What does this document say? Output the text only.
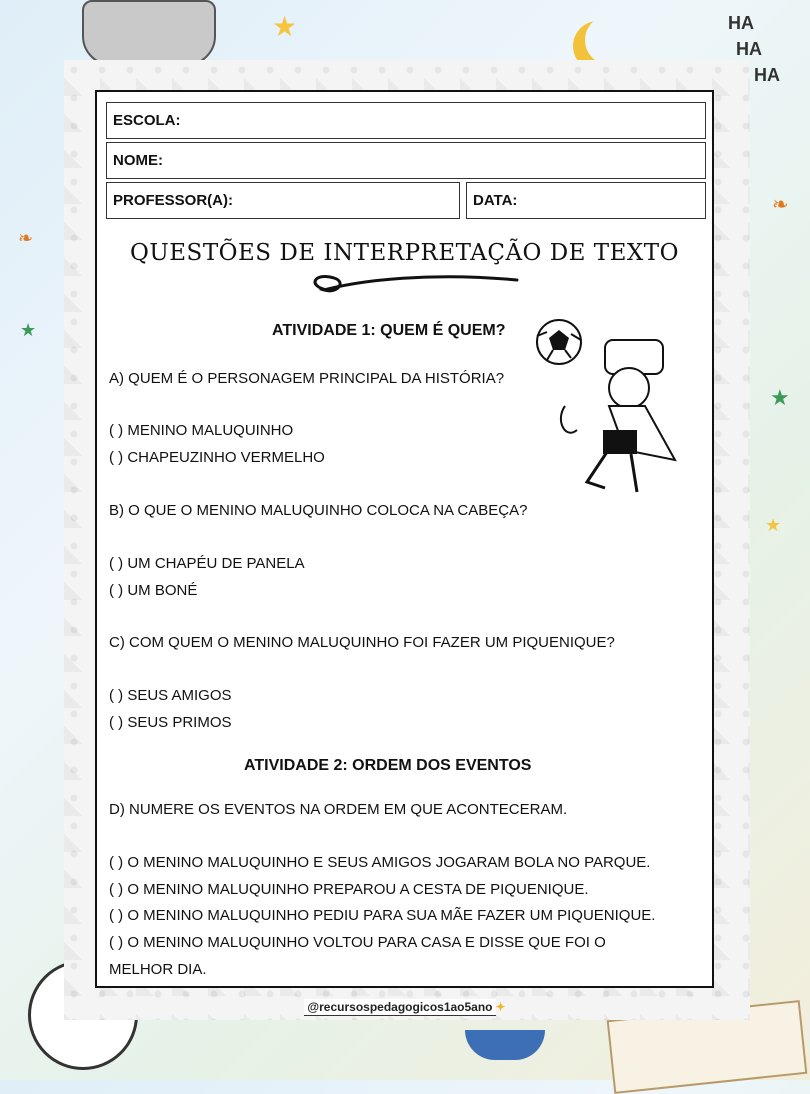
HA
HA
HA
★
★
★
★
❧
❧
ESCOLA:
NOME:
PROFESSOR(A):	DATA:
QUESTÕES DE INTERPRETAÇÃO DE TEXTO
ATIVIDADE 1: QUEM É QUEM?
A) QUEM É O PERSONAGEM PRINCIPAL DA HISTÓRIA?
( ) MENINO MALUQUINHO
( ) CHAPEUZINHO VERMELHO
B) O QUE O MENINO MALUQUINHO COLOCA NA CABEÇA?
( ) UM CHAPÉU DE PANELA
( ) UM BONÉ
C) COM QUEM O MENINO MALUQUINHO FOI FAZER UM PIQUENIQUE?
( ) SEUS AMIGOS
( ) SEUS PRIMOS
ATIVIDADE 2: ORDEM DOS EVENTOS
D) NUMERE OS EVENTOS NA ORDEM EM QUE ACONTECERAM.
( ) O MENINO MALUQUINHO E SEUS AMIGOS JOGARAM BOLA NO PARQUE.
( ) O MENINO MALUQUINHO PREPAROU A CESTA DE PIQUENIQUE.
( ) O MENINO MALUQUINHO PEDIU PARA SUA MÃE FAZER UM PIQUENIQUE.
( ) O MENINO MALUQUINHO VOLTOU PARA CASA E DISSE QUE FOI O
MELHOR DIA.
@recursospedagogicos1ao5ano ✦
